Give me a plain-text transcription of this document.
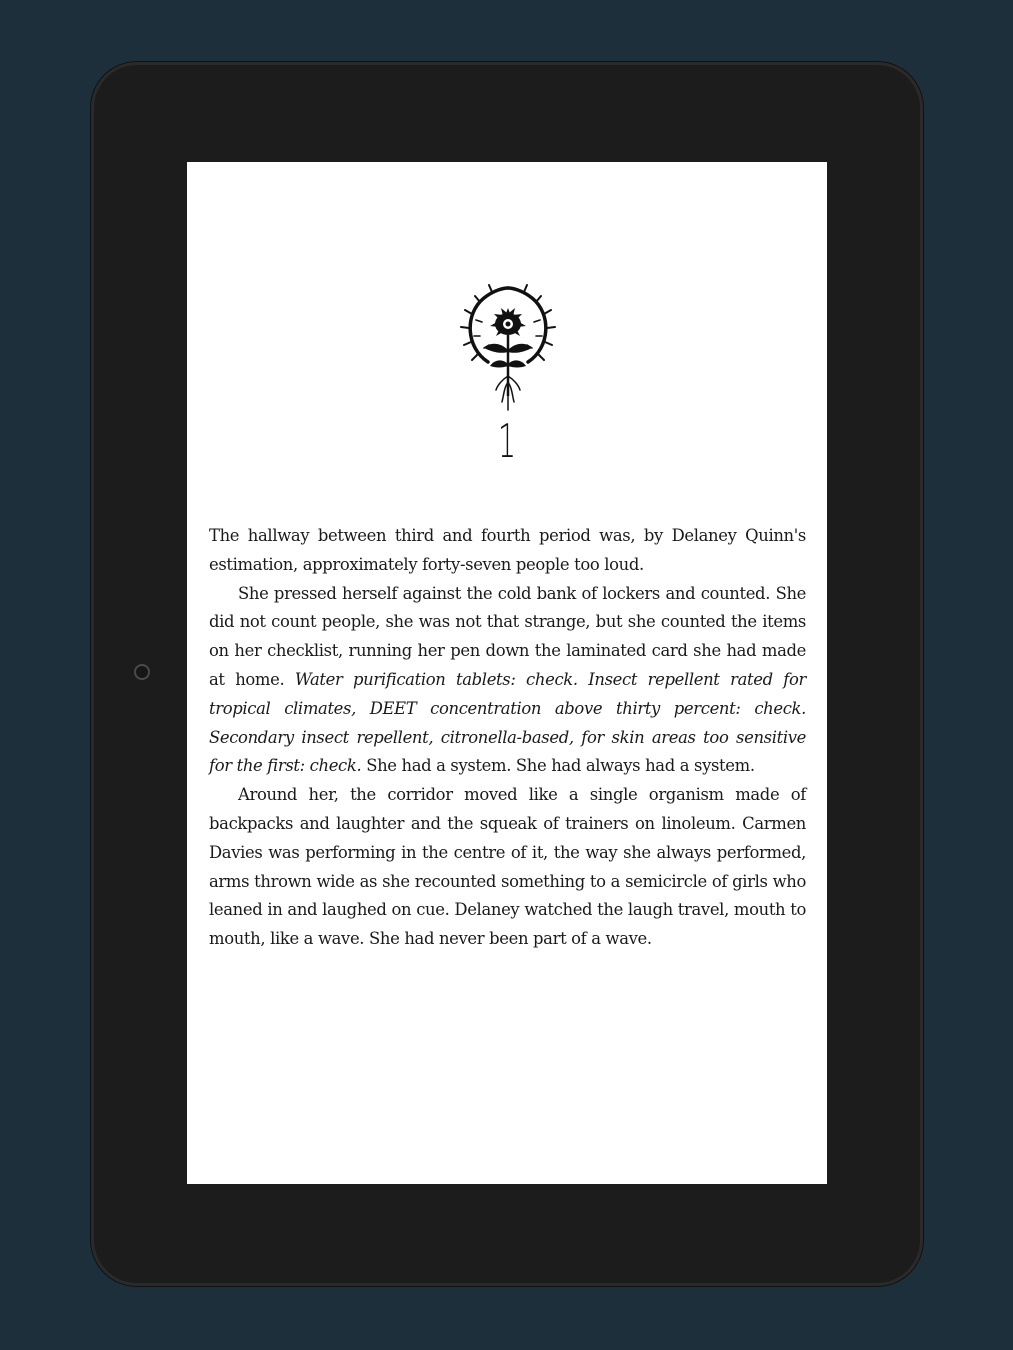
1

The hallway between third and fourth period was, by Delaney Quinn's estimation, approximately forty-seven people too loud.

She pressed herself against the cold bank of lockers and counted. She did not count people, she was not that strange, but she counted the items on her checklist, running her pen down the laminated card she had made at home. Water purification tablets: check. Insect repellent rated for tropical climates, DEET concentration above thirty percent: check. Secondary insect repellent, citronella-based, for skin areas too sensitive for the first: check. She had a system. She had always had a system.

Around her, the corridor moved like a single organism made of backpacks and laughter and the squeak of trainers on linoleum. Carmen Davies was performing in the centre of it, the way she always performed, arms thrown wide as she recounted something to a semicircle of girls who leaned in and laughed on cue. Delaney watched the laugh travel, mouth to mouth, like a wave. She had never been part of a wave.
